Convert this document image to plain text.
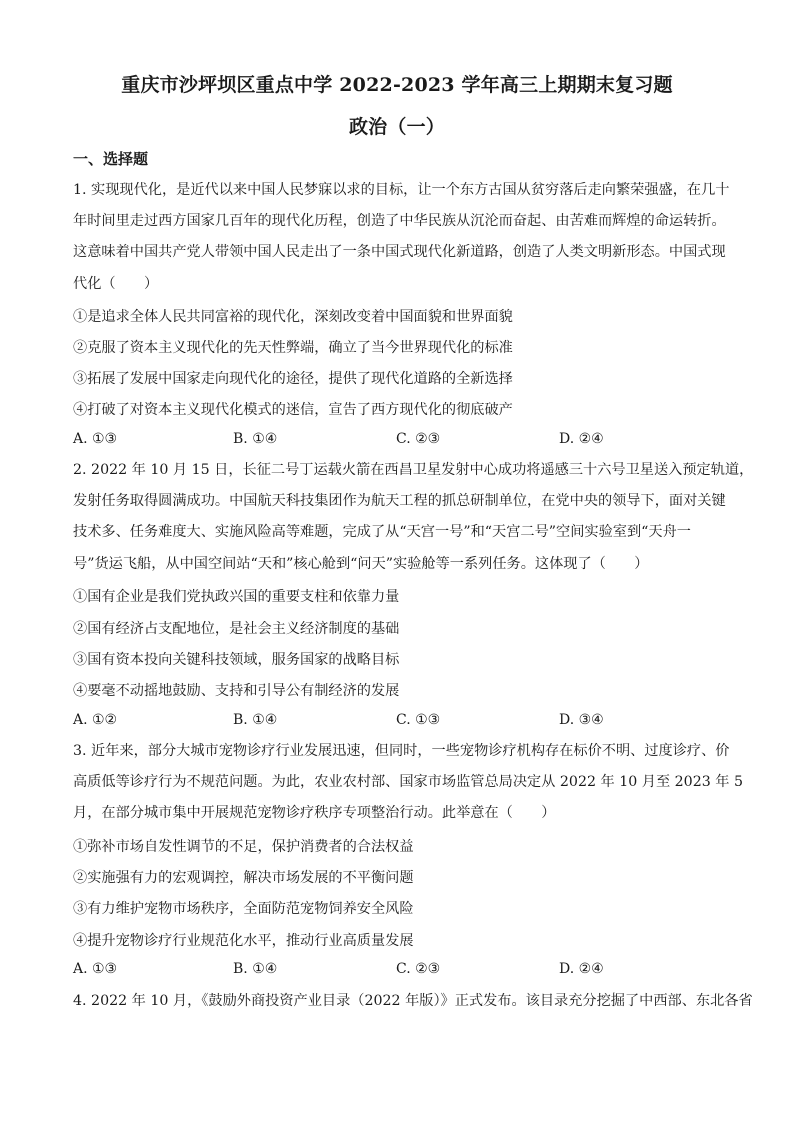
重庆市沙坪坝区重点中学 2022-2023 学年高三上期期末复习题
政治（一）
一、选择题
1. 实现现代化，是近代以来中国人民梦寐以求的目标，让一个东方古国从贫穷落后走向繁荣强盛，在几十
年时间里走过西方国家几百年的现代化历程，创造了中华民族从沉沦而奋起、由苦难而辉煌的命运转折。
这意味着中国共产党人带领中国人民走出了一条中国式现代化新道路，创造了人类文明新形态。中国式现
代化（　　）
①是追求全体人民共同富裕的现代化，深刻改变着中国面貌和世界面貌
②克服了资本主义现代化的先天性弊端，确立了当今世界现代化的标准
③拓展了发展中国家走向现代化的途径，提供了现代化道路的全新选择
④打破了对资本主义现代化模式的迷信，宣告了西方现代化的彻底破产
A. ①③	B. ①④	C. ②③	D. ②④
2. 2022 年 10 月 15 日，长征二号丁运载火箭在西昌卫星发射中心成功将遥感三十六号卫星送入预定轨道，
发射任务取得圆满成功。中国航天科技集团作为航天工程的抓总研制单位，在党中央的领导下，面对关键
技术多、任务难度大、实施风险高等难题，完成了从“天宫一号”和“天宫二号”空间实验室到“天舟一
号”货运飞船，从中国空间站“天和”核心舱到“问天”实验舱等一系列任务。这体现了（　　）
①国有企业是我们党执政兴国的重要支柱和依靠力量
②国有经济占支配地位，是社会主义经济制度的基础
③国有资本投向关键科技领域，服务国家的战略目标
④要毫不动摇地鼓励、支持和引导公有制经济的发展
A. ①②	B. ①④	C. ①③	D. ③④
3. 近年来，部分大城市宠物诊疗行业发展迅速，但同时，一些宠物诊疗机构存在标价不明、过度诊疗、价
高质低等诊疗行为不规范问题。为此，农业农村部、国家市场监管总局决定从 2022 年 10 月至 2023 年 5
月，在部分城市集中开展规范宠物诊疗秩序专项整治行动。此举意在（　　）
①弥补市场自发性调节的不足，保护消费者的合法权益
②实施强有力的宏观调控，解决市场发展的不平衡问题
③有力维护宠物市场秩序，全面防范宠物饲养安全风险
④提升宠物诊疗行业规范化水平，推动行业高质量发展
A. ①③	B. ①④	C. ②③	D. ②④
4. 2022 年 10 月，《鼓励外商投资产业目录（2022 年版）》正式发布。该目录充分挖掘了中西部、东北各省
